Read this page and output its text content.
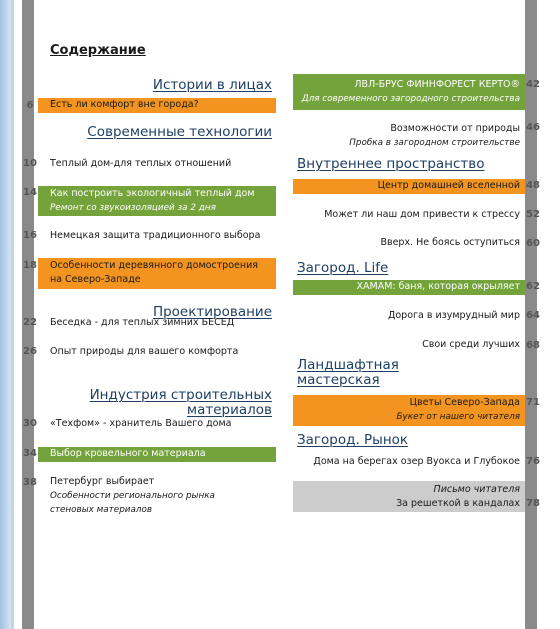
Содержание
Истории в лицах
Есть ли комфорт вне города?
Современные технологии
Теплый дом-для теплых отношений
Как построить экологичный теплый дом
Ремонт со звукоизоляцией за 2 дня
Немецкая защита традиционного выбора
Особенности деревянного домостроения
на Северо-Западе
Проектирование
Беседка - для теплых зимних БЕСЕД
Опыт природы для вашего комфорта
Индустрия строительных материалов
«Техфом» - хранитель Вашего дома
Выбор кровельного материала
Петербург выбирает
Особенности регионального рынка
стеновых материалов
ЛВЛ-БРУС ФИННФОРЕСТ КЕРТО®
Для современного загородного строительства
Возможности от природы
Пробка в загородном строительстве
Внутреннее пространство
Центр домашней вселенной
Может ли наш дом привести к стрессу
Вверх. Не боясь оступиться
Загород. Life
ХАМАМ: баня, которая окрыляет
Дорога в изумрудный мир
Свои среди лучших
Ландшафтная мастерская
Цветы Северо-Запада
Букет от нашего читателя
Загород. Рынок
Дома на берегах озер Вуокса и Глубокое
Письмо читателя
За решеткой в кандалах
6
10
14
16
18
22
26
30
34
38
42
46
48
52
60
62
64
68
71
76
78
